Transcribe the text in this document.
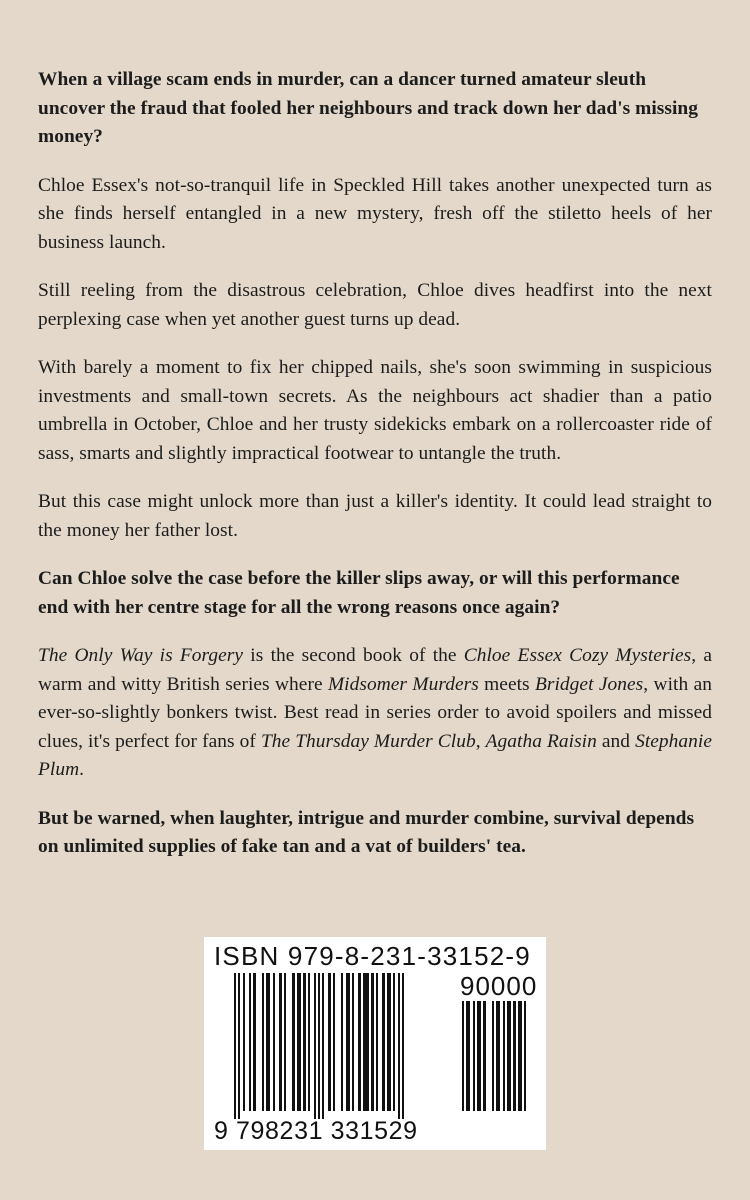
When a village scam ends in murder, can a dancer turned amateur sleuth uncover the fraud that fooled her neighbours and track down her dad's missing money?

Chloe Essex's not-so-tranquil life in Speckled Hill takes another unexpected turn as she finds herself entangled in a new mystery, fresh off the stiletto heels of her business launch.

Still reeling from the disastrous celebration, Chloe dives headfirst into the next perplexing case when yet another guest turns up dead.

With barely a moment to fix her chipped nails, she's soon swimming in suspicious investments and small-town secrets. As the neighbours act shadier than a patio umbrella in October, Chloe and her trusty sidekicks embark on a rollercoaster ride of sass, smarts and slightly impractical footwear to untangle the truth.

But this case might unlock more than just a killer's identity. It could lead straight to the money her father lost.

Can Chloe solve the case before the killer slips away, or will this performance end with her centre stage for all the wrong reasons once again?

The Only Way is Forgery is the second book of the Chloe Essex Cozy Mysteries, a warm and witty British series where Midsomer Murders meets Bridget Jones, with an ever-so-slightly bonkers twist. Best read in series order to avoid spoilers and missed clues, it's perfect for fans of The Thursday Murder Club, Agatha Raisin and Stephanie Plum.

But be warned, when laughter, intrigue and murder combine, survival depends on unlimited supplies of fake tan and a vat of builders' tea.

ISBN 979-8-231-33152-9
90000
9 798231 331529
